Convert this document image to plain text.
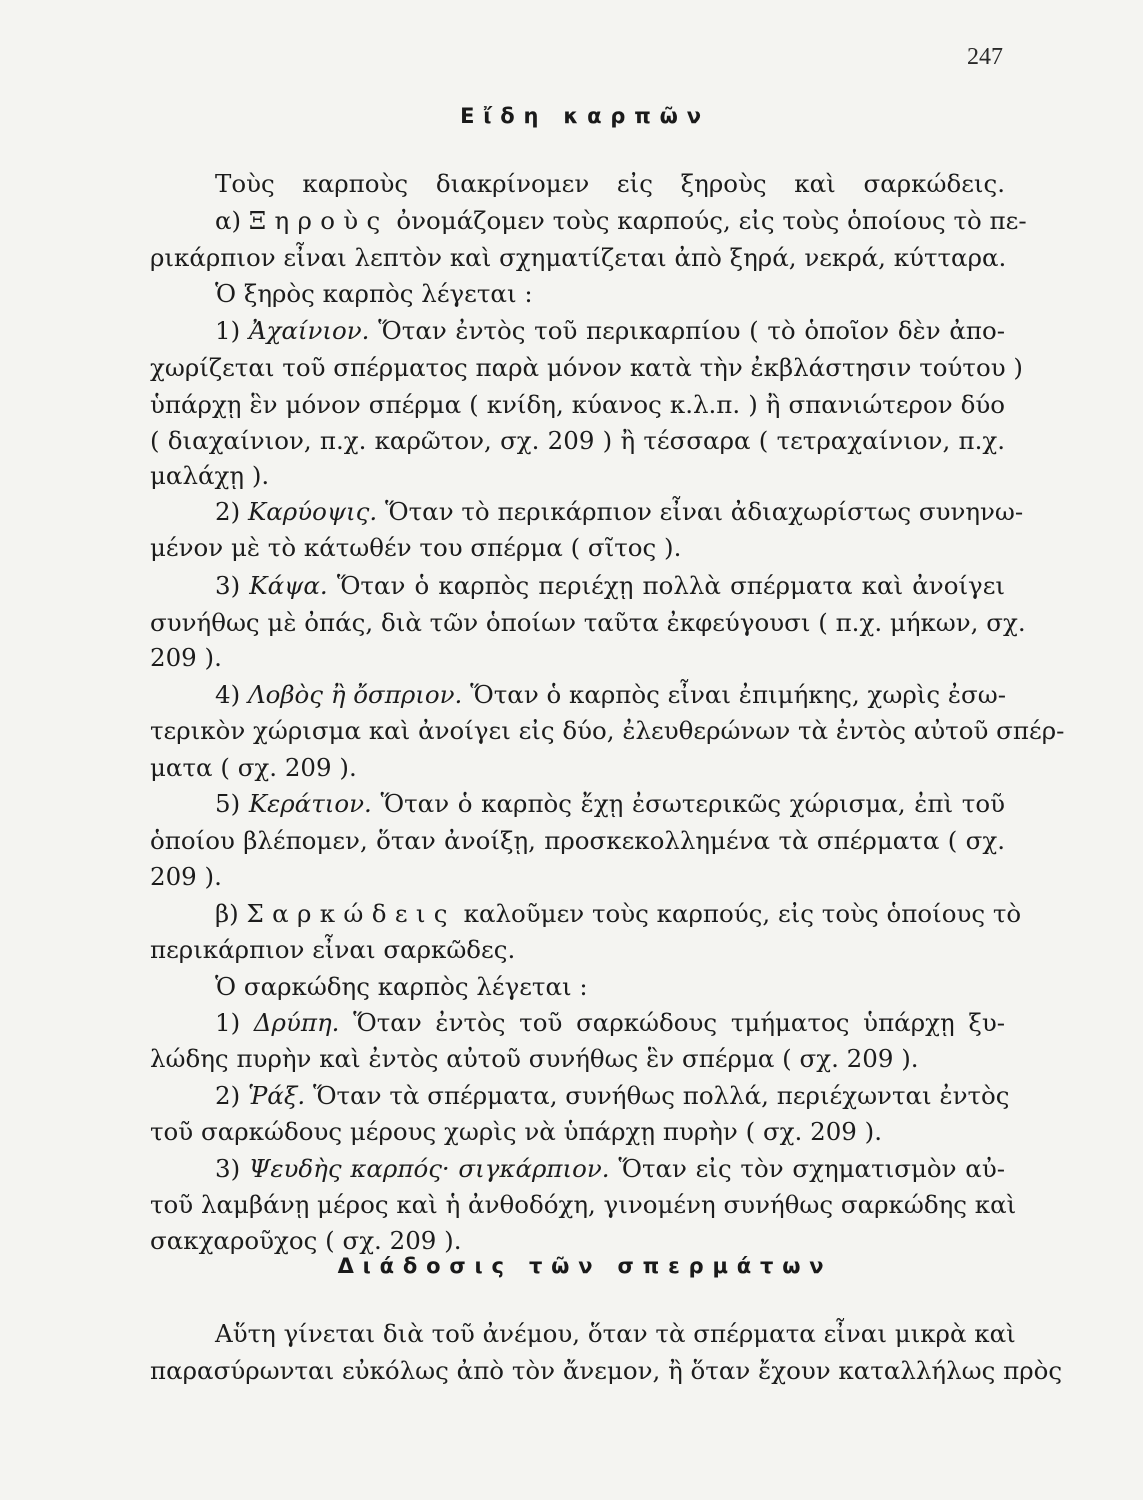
247
Εἴδη καρπῶν
Τοὺς καρποὺς διακρίνομεν εἰς ξηροὺς καὶ σαρκώδεις.
α) Ξηροὺς ὀνομάζομεν τοὺς καρπούς, εἰς τοὺς ὁποίους τὸ πε-
ρικάρπιον εἶναι λεπτὸν καὶ σχηματίζεται ἀπὸ ξηρά, νεκρά, κύτταρα.
Ὁ ξηρὸς καρπὸς λέγεται :
1) Ἀχαίνιον. Ὅταν ἐντὸς τοῦ περικαρπίου ( τὸ ὁποῖον δὲν ἀπο-
χωρίζεται τοῦ σπέρματος παρὰ μόνον κατὰ τὴν ἐκβλάστησιν τούτου )
ὑπάρχῃ ἓν μόνον σπέρμα ( κνίδη, κύανος κ.λ.π. ) ἢ σπανιώτερον δύο
( διαχαίνιον, π.χ. καρῶτον, σχ. 209 ) ἢ τέσσαρα ( τετραχαίνιον, π.χ.
μαλάχῃ ).
2) Καρύοψις. Ὅταν τὸ περικάρπιον εἶναι ἀδιαχωρίστως συνηνω-
μένον μὲ τὸ κάτωθέν του σπέρμα ( σῖτος ).
3) Κάψα. Ὅταν ὁ καρπὸς περιέχῃ πολλὰ σπέρματα καὶ ἀνοίγει
συνήθως μὲ ὀπάς, διὰ τῶν ὁποίων ταῦτα ἐκφεύγουσι ( π.χ. μήκων, σχ.
209 ).
4) Λοβὸς ἢ ὄσπριον. Ὅταν ὁ καρπὸς εἶναι ἐπιμήκης, χωρὶς ἐσω-
τερικὸν χώρισμα καὶ ἀνοίγει εἰς δύο, ἐλευθερώνων τὰ ἐντὸς αὐτοῦ σπέρ-
ματα ( σχ. 209 ).
5) Κεράτιον. Ὅταν ὁ καρπὸς ἔχῃ ἐσωτερικῶς χώρισμα, ἐπὶ τοῦ
ὁποίου βλέπομεν, ὅταν ἀνοίξῃ, προσκεκολλημένα τὰ σπέρματα ( σχ.
209 ).
β) Σαρκώδεις καλοῦμεν τοὺς καρπούς, εἰς τοὺς ὁποίους τὸ
περικάρπιον εἶναι σαρκῶδες.
Ὁ σαρκώδης καρπὸς λέγεται :
1) Δρύπη. Ὅταν ἐντὸς τοῦ σαρκώδους τμήματος ὑπάρχῃ ξυ-
λώδης πυρὴν καὶ ἐντὸς αὐτοῦ συνήθως ἓν σπέρμα ( σχ. 209 ).
2) Ῥάξ. Ὅταν τὰ σπέρματα, συνήθως πολλά, περιέχωνται ἐντὸς
τοῦ σαρκώδους μέρους χωρὶς νὰ ὑπάρχῃ πυρὴν ( σχ. 209 ).
3) Ψευδὴς καρπός· σιγκάρπιον. Ὅταν εἰς τὸν σχηματισμὸν αὐ-
τοῦ λαμβάνῃ μέρος καὶ ἡ ἀνθοδόχη, γινομένη συνήθως σαρκώδης καὶ
σακχαροῦχος ( σχ. 209 ).
Διάδοσις τῶν σπερμάτων
Αὕτη γίνεται διὰ τοῦ ἀνέμου, ὅταν τὰ σπέρματα εἶναι μικρὰ καὶ
παρασύρωνται εὐκόλως ἀπὸ τὸν ἄνεμον, ἢ ὅταν ἔχουν καταλλήλως πρὸς
